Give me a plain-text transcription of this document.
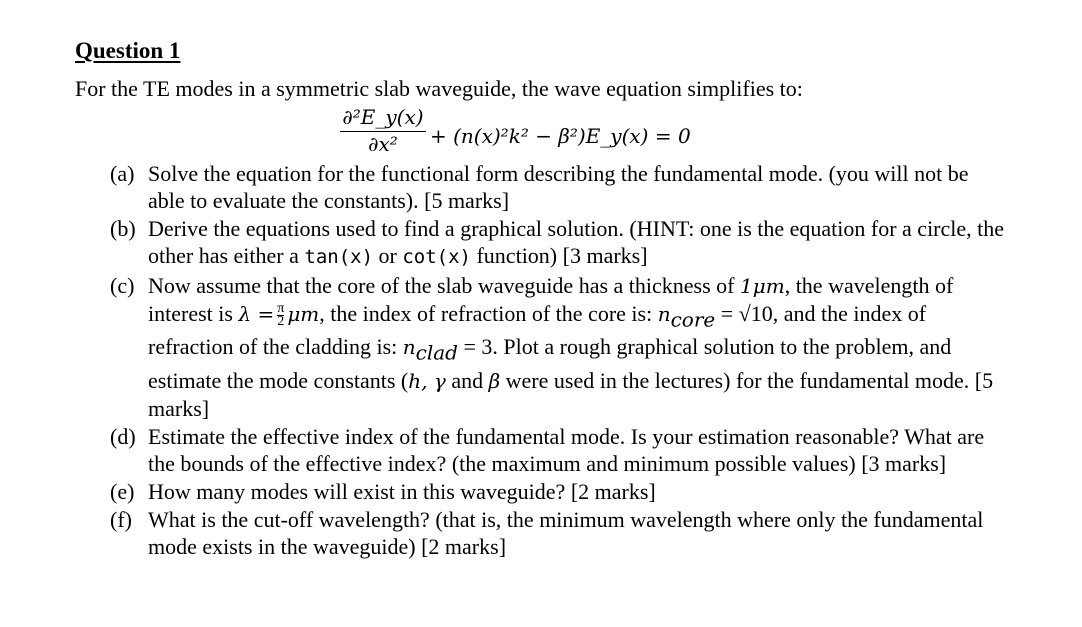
Question 1
For the TE modes in a symmetric slab waveguide, the wave equation simplifies to:
∂²E_y(x)
∂x²	+ (n(x)²k² − β²)E_y(x) = 0
(a) Solve the equation for the functional form describing the fundamental mode. (you will not be able to evaluate the constants). [5 marks]
(b) Derive the equations used to find a graphical solution. (HINT: one is the equation for a circle, the other has either a tan(x) or cot(x) function) [3 marks]
(c) Now assume that the core of the slab waveguide has a thickness of 1μm, the wavelength of interest is $\lambda = \frac{\pi}{2} \mu m$, the index of refraction of the core is: $n_{core} = √10$, and the index of refraction of the cladding is: $n_{clad} = 3$. Plot a rough graphical solution to the problem, and estimate the mode constants (h, γ and β were used in the lectures) for the fundamental mode. [5 marks]
(d) Estimate the effective index of the fundamental mode. Is your estimation reasonable? What are the bounds of the effective index? (the maximum and minimum possible values) [3 marks]
(e) How many modes will exist in this waveguide? [2 marks]
(f) What is the cut-off wavelength? (that is, the minimum wavelength where only the fundamental mode exists in the waveguide) [2 marks]
